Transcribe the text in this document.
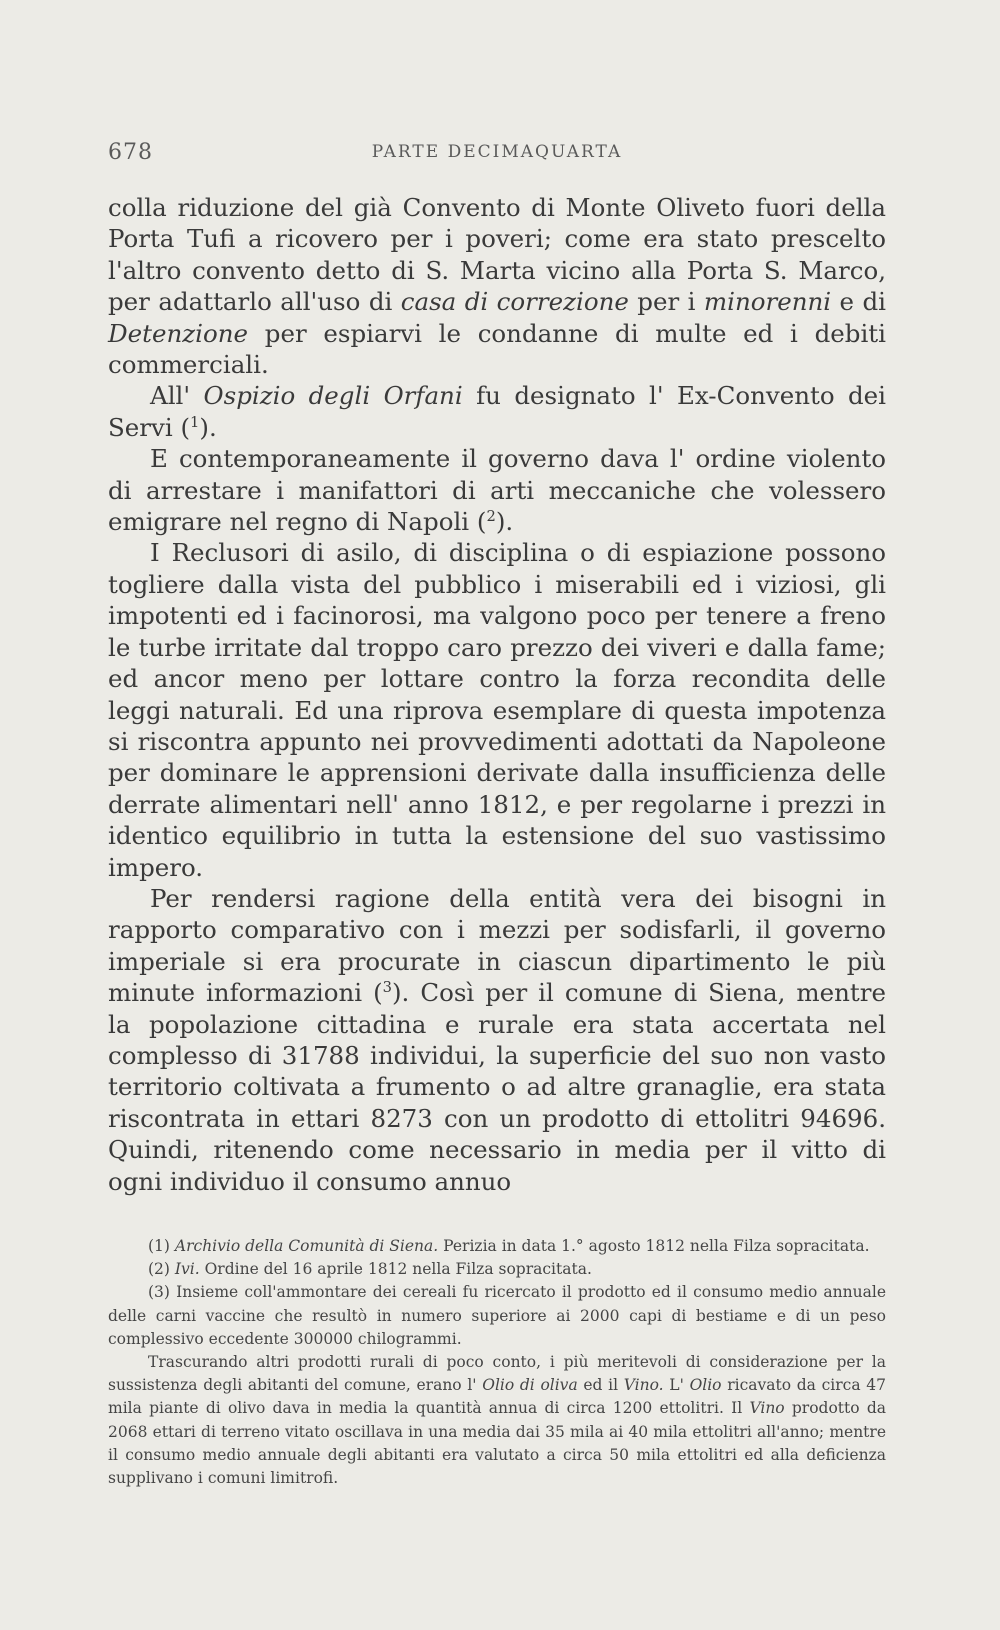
678	PARTE DECIMAQUARTA

colla riduzione del già Convento di Monte Oliveto fuori della Porta Tufi a ricovero per i poveri; come era stato prescelto l'altro convento detto di S. Marta vicino alla Porta S. Marco, per adattarlo all'uso di casa di correzione per i minorenni e di Detenzione per espiarvi le condanne di multe ed i debiti commerciali.

All' Ospizio degli Orfani fu designato l' Ex-Convento dei Servi ($^1$).

E contemporaneamente il governo dava l' ordine violento di arrestare i manifattori di arti meccaniche che volessero emigrare nel regno di Napoli ($^2$).

I Reclusori di asilo, di disciplina o di espiazione possono togliere dalla vista del pubblico i miserabili ed i viziosi, gli impotenti ed i facinorosi, ma valgono poco per tenere a freno le turbe irritate dal troppo caro prezzo dei viveri e dalla fame; ed ancor meno per lottare contro la forza recondita delle leggi naturali. Ed una riprova esemplare di questa impotenza si riscontra appunto nei provvedimenti adottati da Napoleone per dominare le apprensioni derivate dalla insufficienza delle derrate alimentari nell' anno 1812, e per regolarne i prezzi in identico equilibrio in tutta la estensione del suo vastissimo impero.

Per rendersi ragione della entità vera dei bisogni in rapporto comparativo con i mezzi per sodisfarli, il governo imperiale si era procurate in ciascun dipartimento le più minute informazioni ($^3$). Così per il comune di Siena, mentre la popolazione cittadina e rurale era stata accertata nel complesso di 31788 individui, la superficie del suo non vasto territorio coltivata a frumento o ad altre granaglie, era stata riscontrata in ettari 8273 con un prodotto di ettolitri 94696. Quindi, ritenendo come necessario in media per il vitto di ogni individuo il consumo annuo

(1) Archivio della Comunità di Siena. Perizia in data 1.° agosto 1812 nella Filza sopracitata.

(2) Ivi. Ordine del 16 aprile 1812 nella Filza sopracitata.

(3) Insieme coll'ammontare dei cereali fu ricercato il prodotto ed il consumo medio annuale delle carni vaccine che resultò in numero superiore ai 2000 capi di bestiame e di un peso complessivo eccedente 300000 chilogrammi.

Trascurando altri prodotti rurali di poco conto, i più meritevoli di considerazione per la sussistenza degli abitanti del comune, erano l' Olio di oliva ed il Vino. L' Olio ricavato da circa 47 mila piante di olivo dava in media la quantità annua di circa 1200 ettolitri. Il Vino prodotto da 2068 ettari di terreno vitato oscillava in una media dai 35 mila ai 40 mila ettolitri all'anno; mentre il consumo medio annuale degli abitanti era valutato a circa 50 mila ettolitri ed alla deficienza supplivano i comuni limitrofi.
